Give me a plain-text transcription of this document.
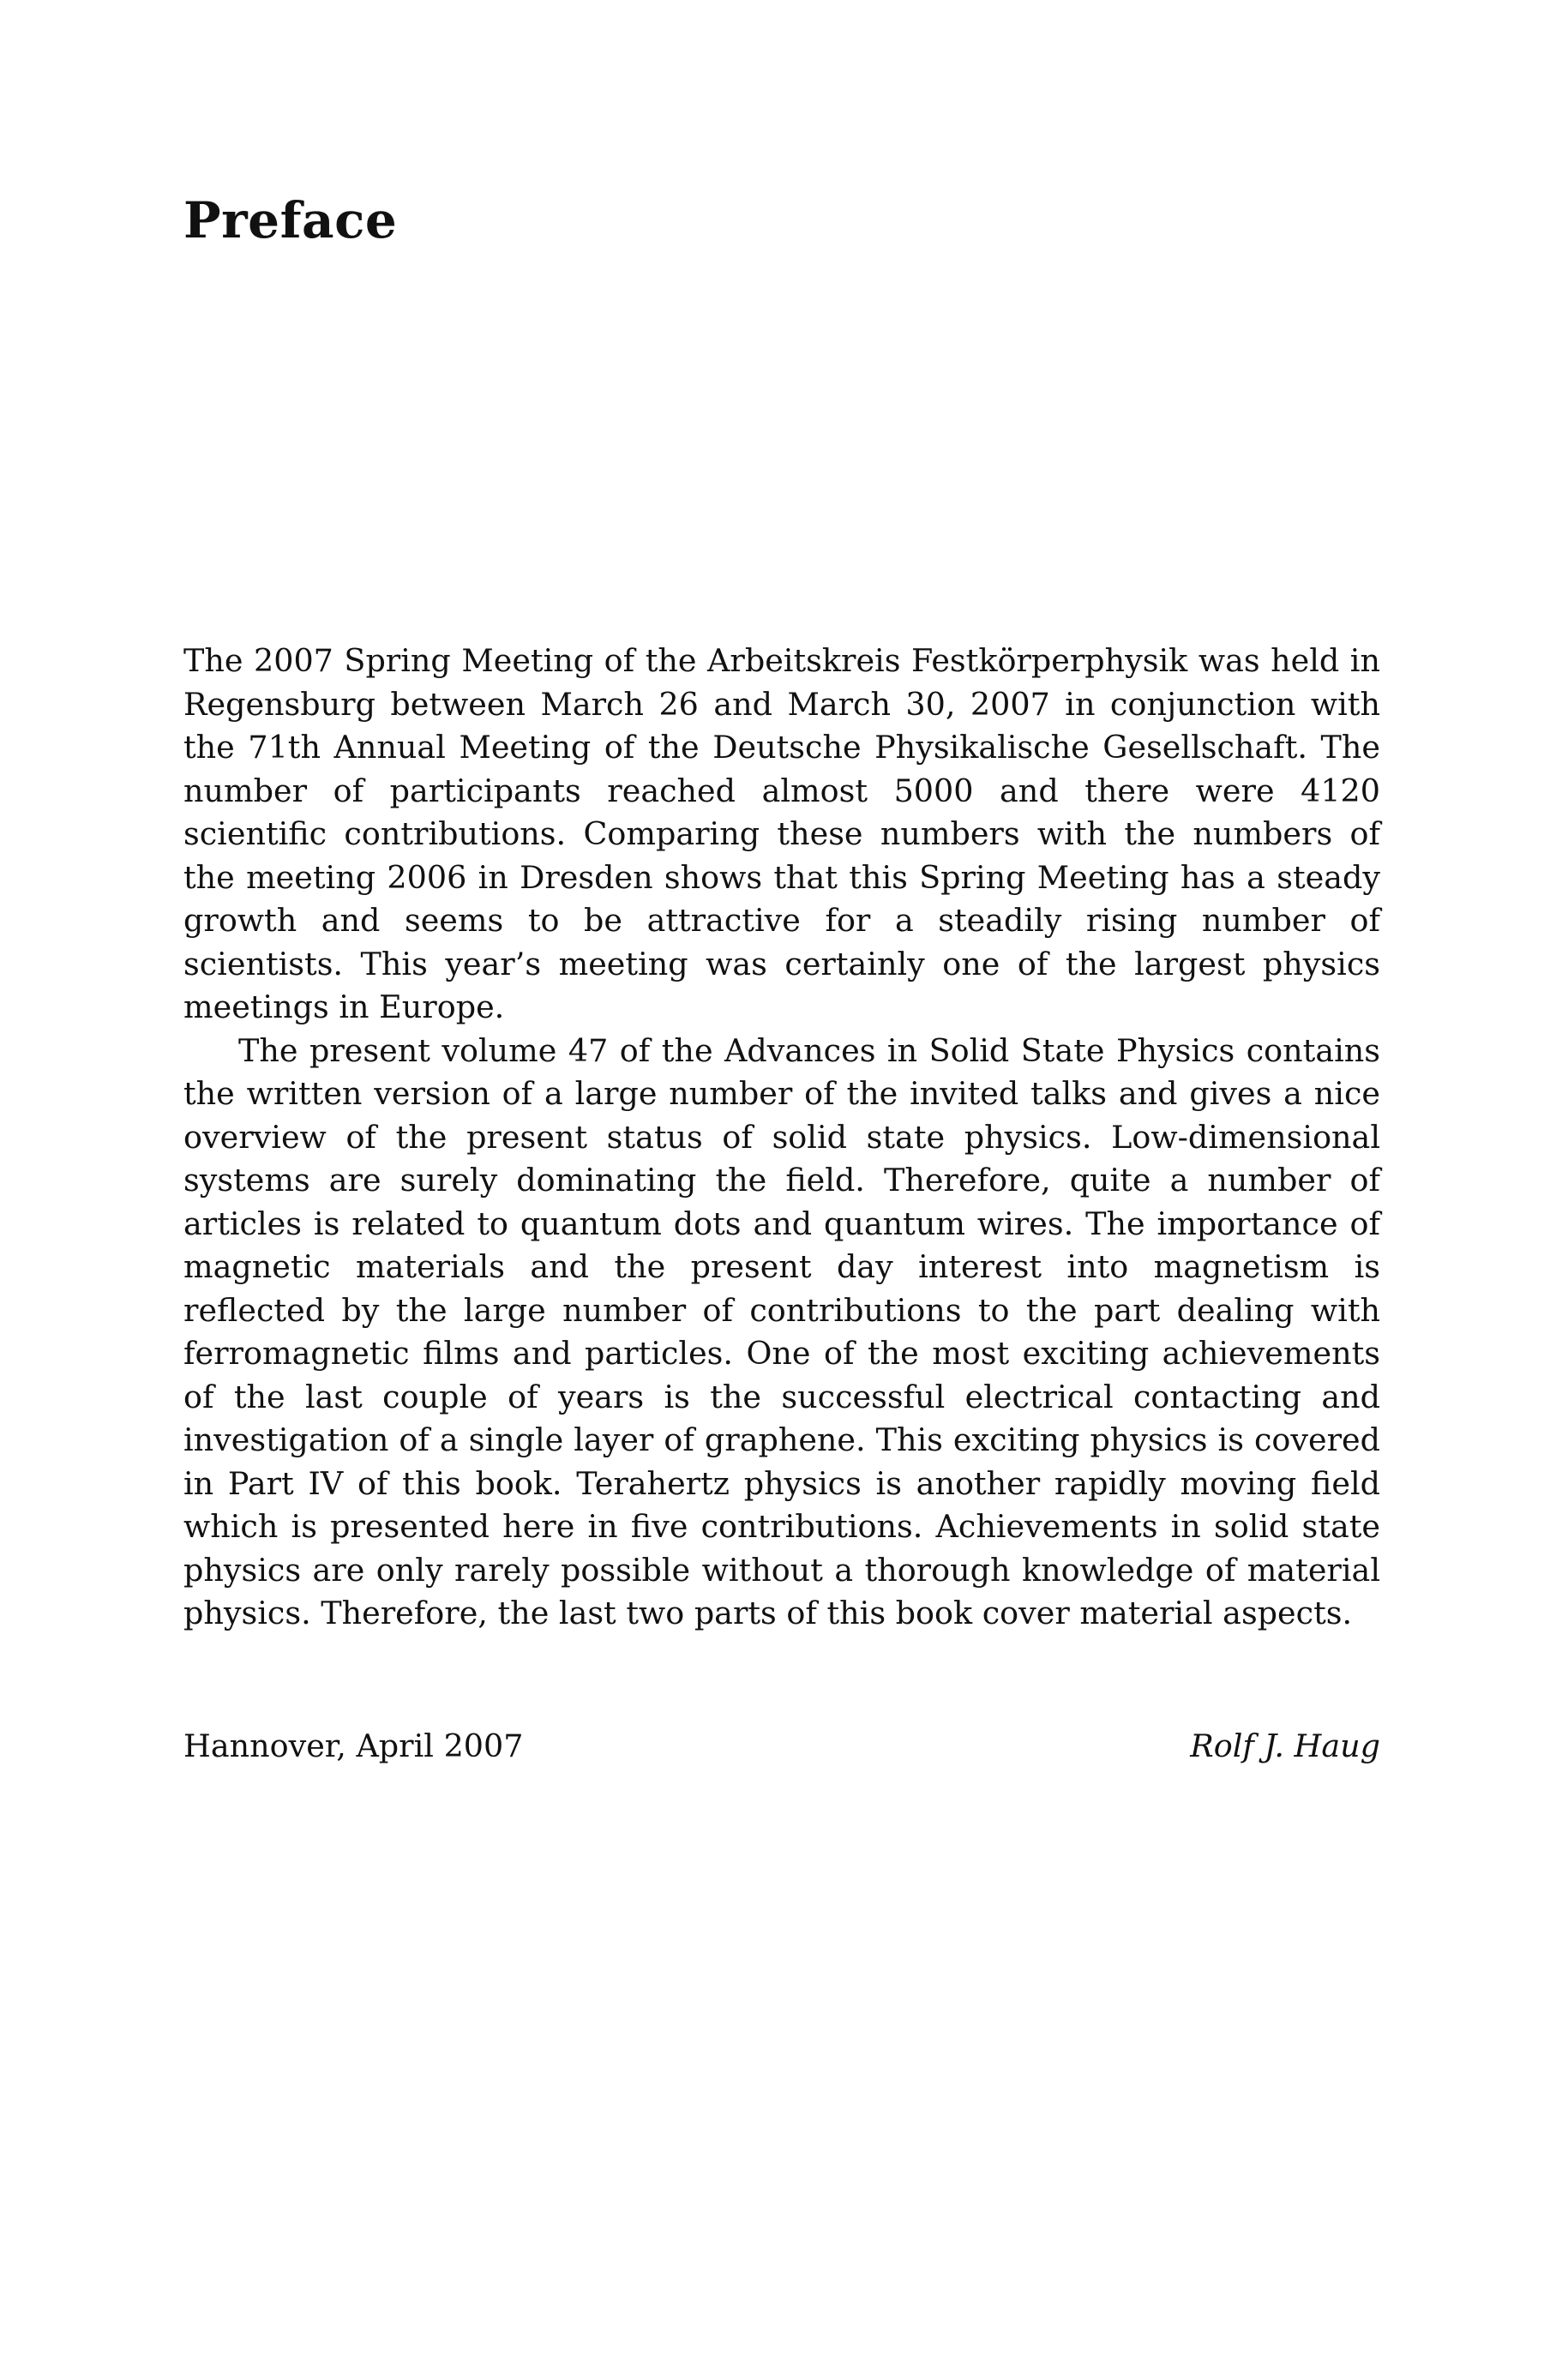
Preface

The 2007 Spring Meeting of the Arbeitskreis Festkörperphysik was held in Regensburg between March 26 and March 30, 2007 in conjunction with the 71th Annual Meeting of the Deutsche Physikalische Gesellschaft. The number of participants reached almost 5000 and there were 4120 scientific contributions. Comparing these numbers with the numbers of the meeting 2006 in Dresden shows that this Spring Meeting has a steady growth and seems to be attractive for a steadily rising number of scientists. This year’s meeting was certainly one of the largest physics meetings in Europe.

The present volume 47 of the Advances in Solid State Physics contains the written version of a large number of the invited talks and gives a nice overview of the present status of solid state physics. Low-dimensional systems are surely dominating the field. Therefore, quite a number of articles is related to quantum dots and quantum wires. The importance of magnetic materials and the present day interest into magnetism is reflected by the large number of contributions to the part dealing with ferromagnetic films and particles. One of the most exciting achievements of the last couple of years is the successful electrical contacting and investigation of a single layer of graphene. This exciting physics is covered in Part IV of this book. Terahertz physics is another rapidly moving field which is presented here in five contributions. Achievements in solid state physics are only rarely possible without a thorough knowledge of material physics. Therefore, the last two parts of this book cover material aspects.

Hannover, April 2007	Rolf J. Haug
